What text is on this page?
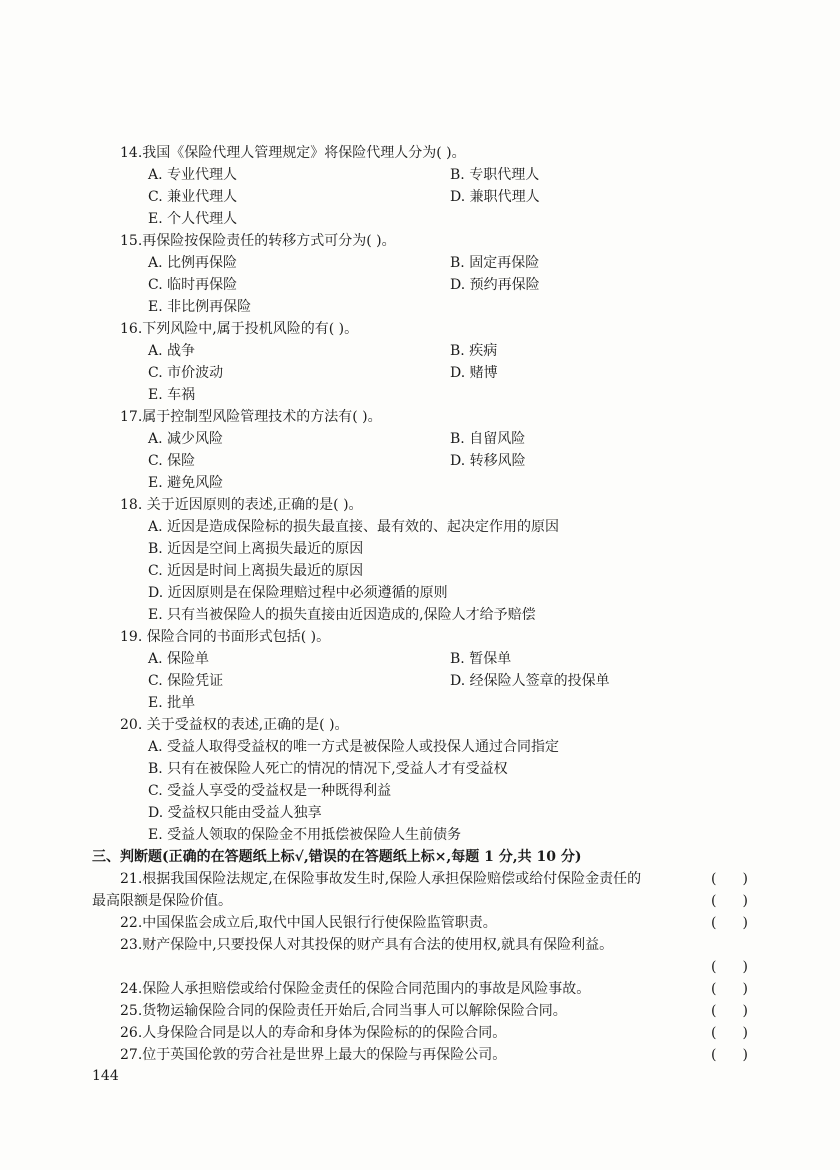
14.我国《保险代理人管理规定》将保险代理人分为( )。
A. 专业代理人	B. 专职代理人
C. 兼业代理人	D. 兼职代理人
E. 个人代理人
15.再保险按保险责任的转移方式可分为( )。
A. 比例再保险	B. 固定再保险
C. 临时再保险	D. 预约再保险
E. 非比例再保险
16.下列风险中,属于投机风险的有( )。
A. 战争	B. 疾病
C. 市价波动	D. 赌博
E. 车祸
17.属于控制型风险管理技术的方法有( )。
A. 减少风险	B. 自留风险
C. 保险	D. 转移风险
E. 避免风险
18. 关于近因原则的表述,正确的是( )。
A. 近因是造成保险标的损失最直接、最有效的、起决定作用的原因
B. 近因是空间上离损失最近的原因
C. 近因是时间上离损失最近的原因
D. 近因原则是在保险理赔过程中必须遵循的原则
E. 只有当被保险人的损失直接由近因造成的,保险人才给予赔偿
19. 保险合同的书面形式包括( )。
A. 保险单	B. 暂保单
C. 保险凭证	D. 经保险人签章的投保单
E. 批单
20. 关于受益权的表述,正确的是( )。
A. 受益人取得受益权的唯一方式是被保险人或投保人通过合同指定
B. 只有在被保险人死亡的情况的情况下,受益人才有受益权
C. 受益人享受的受益权是一种既得利益
D. 受益权只能由受益人独享
E. 受益人领取的保险金不用抵偿被保险人生前债务
三、判断题(正确的在答题纸上标√,错误的在答题纸上标×,每题 1 分,共 10 分)
21.根据我国保险法规定,在保险事故发生时,保险人承担保险赔偿或给付保险金责任的	()
最高限额是保险价值。	()
22.中国保监会成立后,取代中国人民银行行使保险监管职责。	()
23.财产保险中,只要投保人对其投保的财产具有合法的使用权,就具有保险利益。
()
24.保险人承担赔偿或给付保险金责任的保险合同范围内的事故是风险事故。	()
25.货物运输保险合同的保险责任开始后,合同当事人可以解除保险合同。	()
26.人身保险合同是以人的寿命和身体为保险标的的保险合同。	()
27.位于英国伦敦的劳合社是世界上最大的保险与再保险公司。	()
144
